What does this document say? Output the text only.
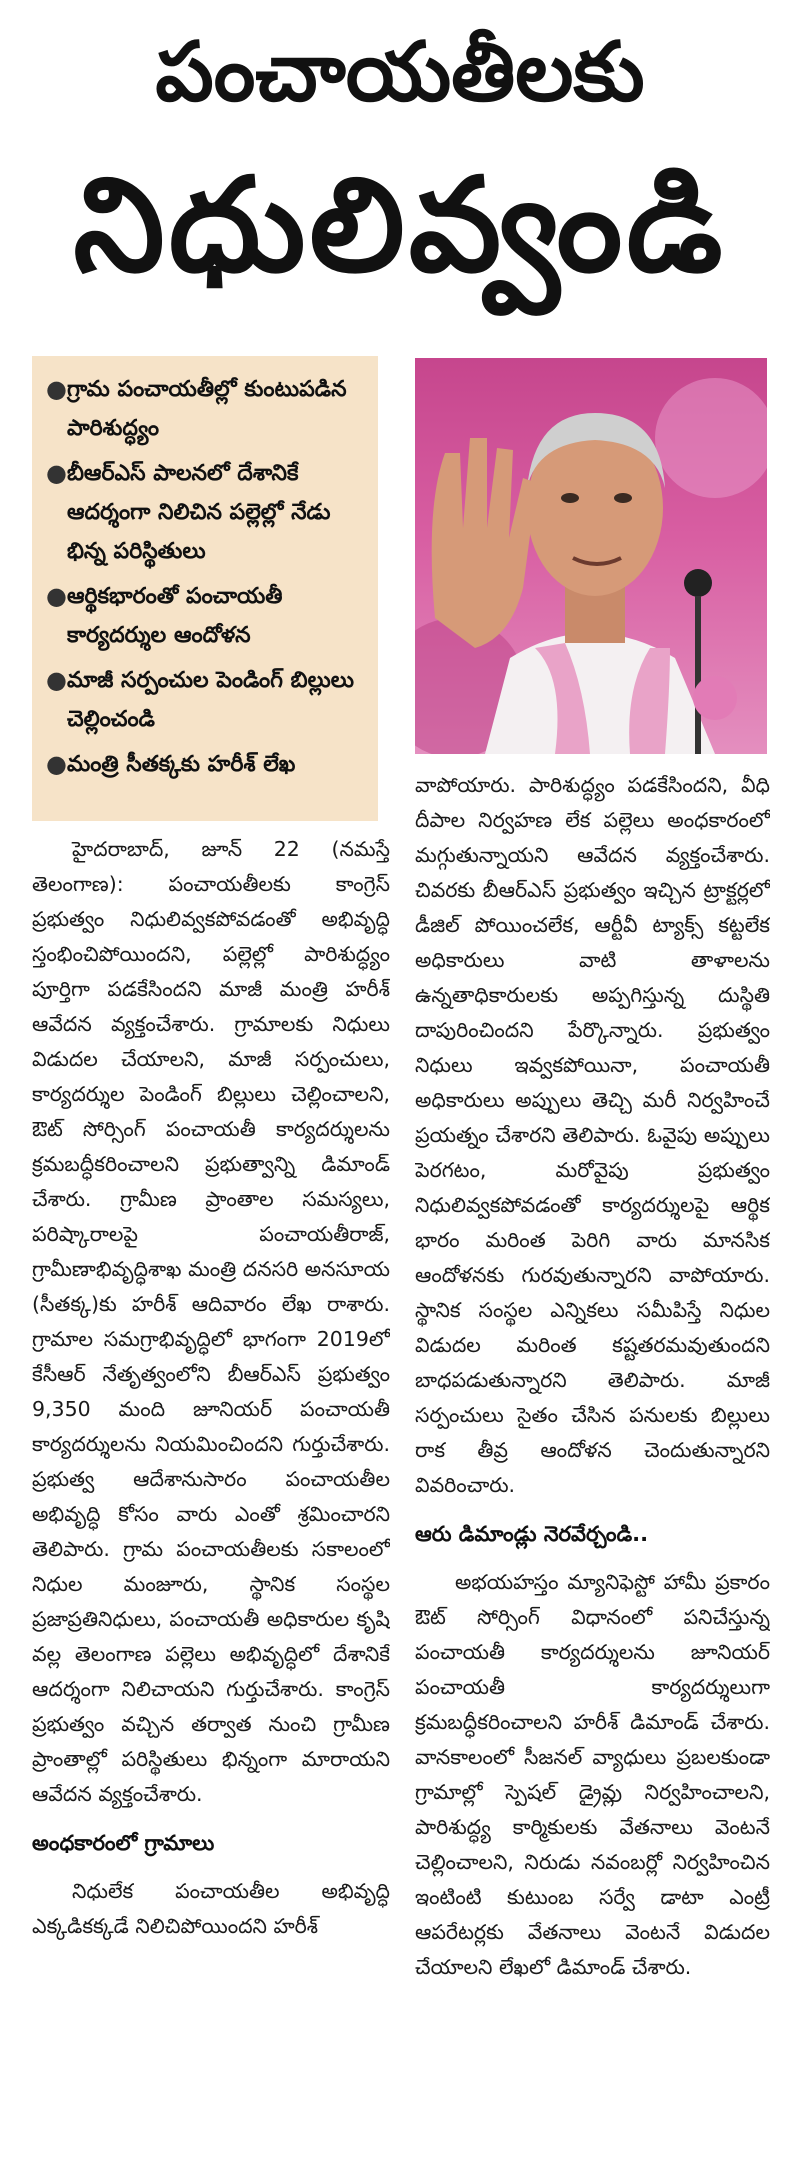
పంచాయతీలకు
నిధులివ్వండి
● గ్రామ పంచాయతీల్లో కుంటుపడిన పారిశుద్ధ్యం
● బీఆర్ఎస్ పాలనలో దేశానికే ఆదర్శంగా నిలిచిన పల్లెల్లో నేడు భిన్న పరిస్థితులు
● ఆర్థికభారంతో పంచాయతీ కార్యదర్శుల ఆందోళన
● మాజీ సర్పంచుల పెండింగ్ బిల్లులు చెల్లించండి
● మంత్రి సీతక్కకు హరీశ్ లేఖ

హైదరాబాద్, జూన్ 22 (నమస్తే తెలంగాణ): పంచాయతీలకు కాంగ్రెస్ ప్రభుత్వం నిధులివ్వకపోవడంతో అభివృద్ధి స్తంభించిపోయిందని, పల్లెల్లో పారిశుద్ధ్యం పూర్తిగా పడకేసిందని మాజీ మంత్రి హరీశ్ ఆవేదన వ్యక్తంచేశారు. గ్రామాలకు నిధులు విడుదల చేయాలని, మాజీ సర్పంచులు, కార్యదర్శుల పెండింగ్ బిల్లులు చెల్లించాలని, ఔట్ సోర్సింగ్ పంచాయతీ కార్యదర్శులను క్రమబద్ధీకరించాలని ప్రభుత్వాన్ని డిమాండ్ చేశారు. గ్రామీణ ప్రాంతాల సమస్యలు, పరిష్కారాలపై పంచాయతీరాజ్, గ్రామీణాభివృద్ధిశాఖ మంత్రి దనసరి అనసూయ (సీతక్క)కు హరీశ్ ఆదివారం లేఖ రాశారు. గ్రామాల సమగ్రాభివృద్ధిలో భాగంగా 2019లో కేసీఆర్ నేతృత్వంలోని బీఆర్ఎస్ ప్రభుత్వం 9,350 మంది జూనియర్ పంచాయతీ కార్యదర్శులను నియమించిందని గుర్తుచేశారు. ప్రభుత్వ ఆదేశానుసారం పంచాయతీల అభివృద్ధి కోసం వారు ఎంతో శ్రమించారని తెలిపారు. గ్రామ పంచాయతీలకు సకాలంలో నిధుల మంజూరు, స్థానిక సంస్థల ప్రజాప్రతినిధులు, పంచాయతీ అధికారుల కృషి వల్ల తెలంగాణ పల్లెలు అభివృద్ధిలో దేశానికే ఆదర్శంగా నిలిచాయని గుర్తుచేశారు. కాంగ్రెస్ ప్రభుత్వం వచ్చిన తర్వాత నుంచి గ్రామీణ ప్రాంతాల్లో పరిస్థితులు భిన్నంగా మారాయని ఆవేదన వ్యక్తంచేశారు.

అంధకారంలో గ్రామాలు

నిధులేక పంచాయతీల అభివృద్ధి ఎక్కడికక్కడే నిలిచిపోయిందని హరీశ్

వాపోయారు. పారిశుద్ధ్యం పడకేసిందని, వీధి దీపాల నిర్వహణ లేక పల్లెలు అంధకారంలో మగ్గుతున్నాయని ఆవేదన వ్యక్తంచేశారు. చివరకు బీఆర్ఎస్ ప్రభుత్వం ఇచ్చిన ట్రాక్టర్లలో డీజిల్ పోయించలేక, ఆర్టీవీ ట్యాక్స్ కట్టలేక అధికారులు వాటి తాళాలను ఉన్నతాధికారులకు అప్పగిస్తున్న దుస్థితి దాపురించిందని పేర్కొన్నారు. ప్రభుత్వం నిధులు ఇవ్వకపోయినా, పంచాయతీ అధికారులు అప్పులు తెచ్చి మరీ నిర్వహించే ప్రయత్నం చేశారని తెలిపారు. ఓవైపు అప్పులు పెరగటం, మరోవైపు ప్రభుత్వం నిధులివ్వకపోవడంతో కార్యదర్శులపై ఆర్థిక భారం మరింత పెరిగి వారు మానసిక ఆందోళనకు గురవుతున్నారని వాపోయారు. స్థానిక సంస్థల ఎన్నికలు సమీపిస్తే నిధుల విడుదల మరింత కష్టతరమవుతుందని బాధపడుతున్నారని తెలిపారు. మాజీ సర్పంచులు సైతం చేసిన పనులకు బిల్లులు రాక తీవ్ర ఆందోళన చెందుతున్నారని వివరించారు.

ఆరు డిమాండ్లు నెరవేర్చండి..

అభయహస్తం మ్యానిఫెస్టో హామీ ప్రకారం ఔట్ సోర్సింగ్ విధానంలో పనిచేస్తున్న పంచాయతీ కార్యదర్శులను జూనియర్ పంచాయతీ కార్యదర్శులుగా క్రమబద్ధీకరించాలని హరీశ్ డిమాండ్ చేశారు. వానకాలంలో సీజనల్ వ్యాధులు ప్రబలకుండా గ్రామాల్లో స్పెషల్ డ్రైవ్లు నిర్వహించాలని, పారిశుద్ధ్య కార్మికులకు వేతనాలు వెంటనే చెల్లించాలని, నిరుడు నవంబర్లో నిర్వహించిన ఇంటింటి కుటుంబ సర్వే డాటా ఎంట్రీ ఆపరేటర్లకు వేతనాలు వెంటనే విడుదల చేయాలని లేఖలో డిమాండ్ చేశారు.
